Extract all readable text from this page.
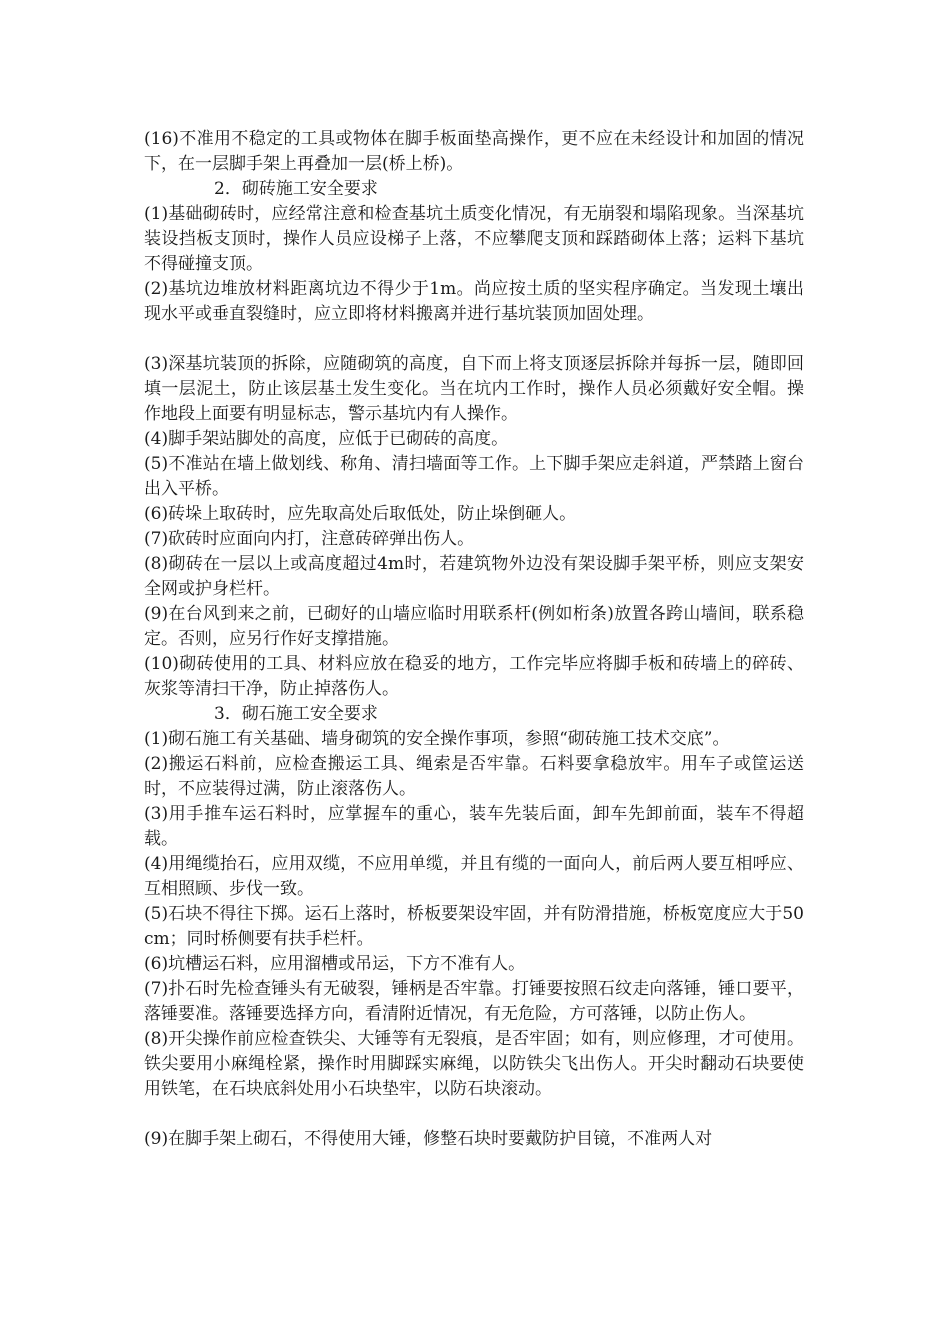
(16)不准用不稳定的工具或物体在脚手板面垫高操作，更不应在未经设计和加固的情况下，在一层脚手架上再叠加一层(桥上桥)。

2．砌砖施工安全要求

(1)基础砌砖时，应经常注意和检查基坑土质变化情况，有无崩裂和塌陷现象。当深基坑装设挡板支顶时，操作人员应设梯子上落，不应攀爬支顶和踩踏砌体上落；运料下基坑不得碰撞支顶。

(2)基坑边堆放材料距离坑边不得少于1m。尚应按土质的坚实程序确定。当发现土壤出现水平或垂直裂缝时，应立即将材料搬离并进行基坑装顶加固处理。

(3)深基坑装顶的拆除，应随砌筑的高度，自下而上将支顶逐层拆除并每拆一层，随即回填一层泥土，防止该层基土发生变化。当在坑内工作时，操作人员必须戴好安全帽。操作地段上面要有明显标志，警示基坑内有人操作。

(4)脚手架站脚处的高度，应低于已砌砖的高度。

(5)不准站在墙上做划线、称角、清扫墙面等工作。上下脚手架应走斜道，严禁踏上窗台出入平桥。

(6)砖垛上取砖时，应先取高处后取低处，防止垛倒砸人。

(7)砍砖时应面向内打，注意砖碎弹出伤人。

(8)砌砖在一层以上或高度超过4m时，若建筑物外边没有架设脚手架平桥，则应支架安全网或护身栏杆。

(9)在台风到来之前，已砌好的山墙应临时用联系杆(例如桁条)放置各跨山墙间，联系稳定。否则，应另行作好支撑措施。

(10)砌砖使用的工具、材料应放在稳妥的地方，工作完毕应将脚手板和砖墙上的碎砖、灰浆等清扫干净，防止掉落伤人。

3．砌石施工安全要求

(1)砌石施工有关基础、墙身砌筑的安全操作事项，参照“砌砖施工技术交底”。

(2)搬运石料前，应检查搬运工具、绳索是否牢靠。石料要拿稳放牢。用车子或筐运送时，不应装得过满，防止滚落伤人。

(3)用手推车运石料时，应掌握车的重心，装车先装后面，卸车先卸前面，装车不得超载。

(4)用绳缆抬石，应用双缆，不应用单缆，并且有缆的一面向人，前后两人要互相呼应、互相照顾、步伐一致。

(5)石块不得往下掷。运石上落时，桥板要架设牢固，并有防滑措施，桥板宽度应大于50cm；同时桥侧要有扶手栏杆。

(6)坑槽运石料，应用溜槽或吊运，下方不准有人。

(7)扑石时先检查锤头有无破裂，锤柄是否牢靠。打锤要按照石纹走向落锤，锤口要平，落锤要准。落锤要选择方向，看清附近情况，有无危险，方可落锤，以防止伤人。

(8)开尖操作前应检查铁尖、大锤等有无裂痕，是否牢固；如有，则应修理，才可使用。铁尖要用小麻绳栓紧，操作时用脚踩实麻绳，以防铁尖飞出伤人。开尖时翻动石块要使用铁笔，在石块底斜处用小石块垫牢，以防石块滚动。

(9)在脚手架上砌石，不得使用大锤，修整石块时要戴防护目镜，不准两人对
